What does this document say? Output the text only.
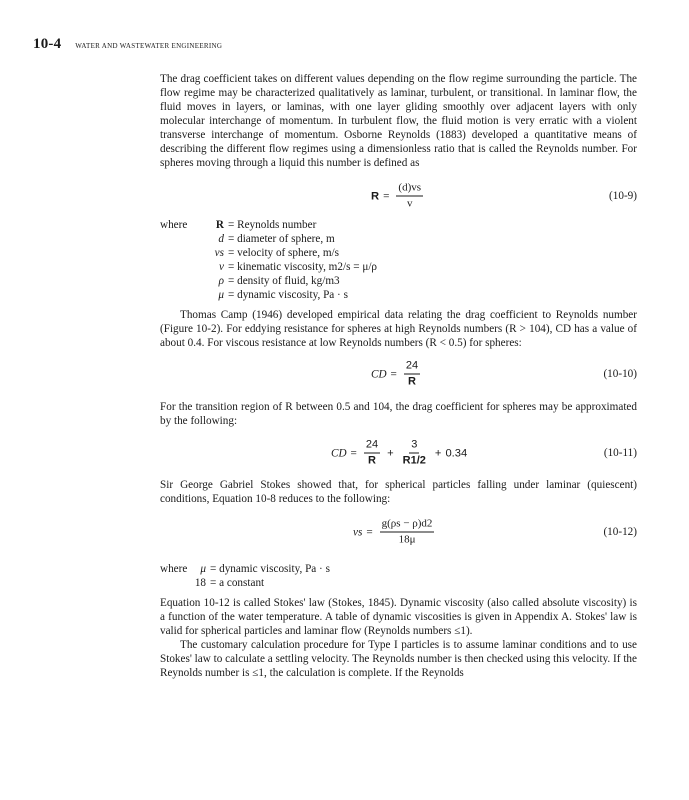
10-4 WATER AND WASTEWATER ENGINEERING

The drag coefficient takes on different values depending on the flow regime surrounding the particle. The flow regime may be characterized qualitatively as laminar, turbulent, or transitional. In laminar flow, the fluid moves in layers, or laminas, with one layer gliding smoothly over adjacent layers with only molecular interchange of momentum. In turbulent flow, the fluid motion is very erratic with a violent transverse interchange of momentum. Osborne Reynolds (1883) developed a quantitative means of describing the different flow regimes using a dimensionless ratio that is called the Reynolds number. For spheres moving through a liquid this number is defined as

$R = \frac{(d)vs}{v}$	(10-9)
where	R = Reynolds number
d = diameter of sphere, m
vs = velocity of sphere, m/s
v = kinematic viscosity, m2/s = μ/ρ
ρ = density of fluid, kg/m3
μ = dynamic viscosity, Pa · s

Thomas Camp (1946) developed empirical data relating the drag coefficient to Reynolds number (Figure 10-2). For eddying resistance for spheres at high Reynolds numbers (R > 104), CD has a value of about 0.4. For viscous resistance at low Reynolds numbers (R < 0.5) for spheres:

CD = $\frac{24}{R}$	(10-10)

For the transition region of R between 0.5 and 104, the drag coefficient for spheres may be approximated by the following:

CD = $\frac{24}{R} + \frac{3}{R1/2} + 0.34$	(10-11)

Sir George Gabriel Stokes showed that, for spherical particles falling under laminar (quiescent) conditions, Equation 10-8 reduces to the following:

vs = $\frac{g(\rho s - \rho)d2}{18\mu}$	(10-12)
where	μ = dynamic viscosity, Pa · s
18 = a constant

Equation 10-12 is called Stokes' law (Stokes, 1845). Dynamic viscosity (also called absolute viscosity) is a function of the water temperature. A table of dynamic viscosities is given in Appendix A. Stokes' law is valid for spherical particles and laminar flow (Reynolds numbers ≤1).

The customary calculation procedure for Type I particles is to assume laminar conditions and to use Stokes' law to calculate a settling velocity. The Reynolds number is then checked using this velocity. If the Reynolds number is ≤1, the calculation is complete. If the Reynolds
